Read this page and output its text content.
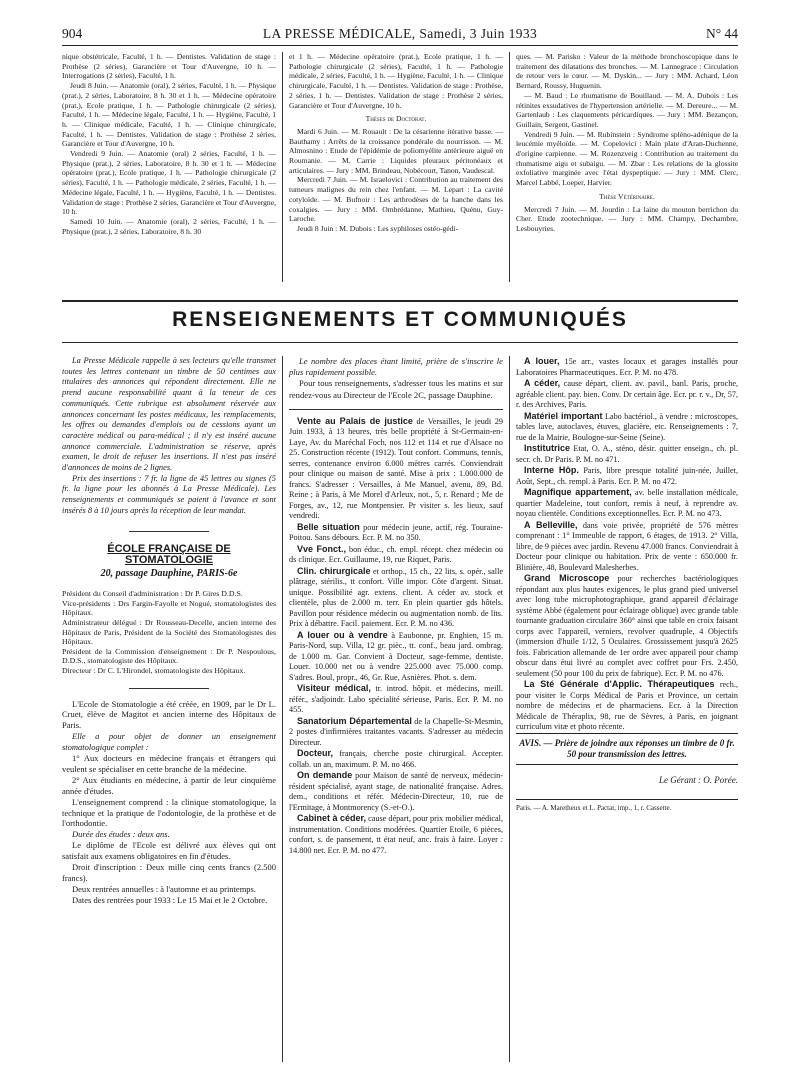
904	LA PRESSE MÉDICALE, Samedi, 3 Juin 1933	N° 44

nique obstétricale, Faculté, 1 h. — Dentistes. Validation de stage : Prothèse (2 séries), Garancière et Tour d'Auvergne, 10 h. — Interrogations (2 séries), Faculté, 1 h.

Jeudi 8 Juin. — Anatomie (oral), 2 séries, Faculté, 1 h. — Physique (prat.), 2 séries, Laboratoire, 8 h. 30 et 1 h. — Médecine opératoire (prat.), Ecole pratique, 1 h. — Pathologie chirurgicale (2 séries), Faculté, 1 h. — Médecine légale, Faculté, 1 h. — Hygiène, Faculté, 1 h. — Clinique médicale, Faculté, 1 h. — Clinique chirurgicale, Faculté, 1 h. — Dentistes. Validation de stage : Prothèse 2 séries, Garancière et Tour d'Auvergne, 10 h.

Vendredi 9 Juin. — Anatomie (oral) 2 séries, Faculté, 1 h. — Physique (prat.), 2 séries, Laboratoire, 8 h. 30 et 1 h. — Médecine opératoire (prat.), Ecole pratique, 1 h. — Pathologie chirurgicale (2 séries), Faculté, 1 h. — Pathologie médicale, 2 séries, Faculté, 1 h. — Médecine légale, Faculté, 1 h. — Hygiène, Faculté, 1 h. — Dentistes. Validation de stage : Prothèse 2 séries, Garancière et Tour d'Auvergne, 10 h.

Samedi 10 Juin. — Anatomie (oral), 2 séries, Faculté, 1 h. — Physique (prat.), 2 séries, Laboratoire, 8 h. 30

et 1 h. — Médecine opératoire (prat.), Ecole pratique, 1 h. — Pathologie chirurgicale (2 séries), Faculté, 1 h. — Pathologie médicale, 2 séries, Faculté, 1 h. — Hygiène, Faculté, 1 h. — Clinique chirurgicale, Faculté, 1 h. — Dentistes. Validation de stage : Prothèse, 2 séries, 1 h. — Dentistes. Validation de stage : Prothèse 2 séries, Garancière et Tour d'Auvergne, 10 h.

Thèses de Doctorat.

Mardi 6 Juin. — M. Rouault : De la césarienne itérative basse. — Bauthamy : Arrêts de la croissance pondérale du nourrisson. — M. Almosnino : Etude de l'épidémie de poliomyélite antérieure aiguë en Roumanie. — M. Carrie : Liquides pleuraux péritonéaux et articulaires. — Jury : MM. Brindeau, Nobécourt, Tanon, Vaudescal.

Mercredi 7 Juin. — M. Israelovici : Contribution au traitement des tumeurs malignes du rein chez l'enfant. — M. Lepart : La cavité cotyloïde. — M. Bufnoir : Les arthrodèses de la hanche dans les coxalgies. — Jury : MM. Ombrédanne, Mathieu, Quénu, Guy-Laroche.

Jeudi 8 Juin : M. Dubois : Les syphiloses ostéo-gédi-

ques. — M. Parisko : Valeur de la méthode bronchoscopique dans le traitement des dilatations des bronches. — M. Lannegrace : Circulation de retour vers le cœur. — M. Dyskin... — Jury : MM. Achard, Léon Bernard, Roussy, Huguenin.

— M. Baud : Le rhumatisme de Bouillaud. — M. A. Dubois : Les rétinites exsudatives de l'hypertension artérielle. — M. Dereure... — M. Gartenlaub : Les claquements péricardiques. — Jury : MM. Bezançon, Guillain, Sergent, Gastinel.

Vendredi 9 Juin. — M. Rubinstein : Syndrome spléno-adénique de la leucémie myéloïde. — M. Copelovici : Main plate d'Aran-Duchenne, d'origine carpienne. — M. Rozenzveig : Contribution au traitement du rhumatisme aigu et subaigu. — M. Zbar : Les relations de la glossite exfoliative marginée avec l'état dyspeptique. — Jury : MM. Clerc, Marcel Labbé, Loeper, Harvier.

Thèse Vétérinaire.

Mercredi 7 Juin. — M. Jourdin : La laine du mouton berrichon du Cher. Etude zootechnique. — Jury : MM. Champy, Dechambre, Lesbouyries.

RENSEIGNEMENTS ET COMMUNIQUÉS

La Presse Médicale rappelle à ses lecteurs qu'elle transmet toutes les lettres contenant un timbre de 50 centimes aux titulaires des annonces qui répondent directement. Elle ne prend aucune responsabilité quant à la teneur de ces communiqués. Cette rubrique est absolument réservée aux annonces concernant les postes médicaux, les remplacements, les offres ou demandes d'emplois ou de cessions ayant un caractère médical ou para-médical ; il n'y est inséré aucune annonce commerciale. L'administration se réserve, après examen, le droit de refuser les insertions. Il n'est pas inséré d'annonces de moins de 2 lignes.

Prix des insertions : 7 fr. la ligne de 45 lettres ou signes (5 fr. la ligne pour les abonnés à La Presse Médicale). Les renseignements et communiqués se paient à l'avance et sont insérés 8 à 10 jours après la réception de leur mandat.

ÉCOLE FRANÇAISE DE STOMATOLOGIE
20, passage Dauphine, PARIS-6e

Président du Conseil d'administration : Dr P. Gires D.D.S.

Vice-présidents : Drs Fargin-Fayolle et Nogué, stomatologistes des Hôpitaux.

Administrateur délégué : Dr Rousseau-Decelle, ancien interne des Hôpitaux de Paris, Président de la Société des Stomatologistes des Hôpitaux.

Président de la Commission d'enseignement : Dr P. Nespoulous, D.D.S., stomatologiste des Hôpitaux.

Directeur : Dr C. L'Hirondel, stomatologiste des Hôpitaux.

L'Ecole de Stomatologie a été créée, en 1909, par le Dr L. Cruet, élève de Magitot et ancien interne des Hôpitaux de Paris.

Elle a pour objet de donner un enseignement stomatologique complet :

1° Aux docteurs en médecine français et étrangers qui veulent se spécialiser en cette branche de la médecine.

2° Aux étudiants en médecine, à partir de leur cinquième année d'études.

L'enseignement comprend : la clinique stomatologique, la technique et la pratique de l'odontologie, de la prothèse et de l'orthodontie.

Durée des études : deux ans.

Le diplôme de l'Ecole est délivré aux élèves qui ont satisfait aux examens obligatoires en fin d'études.

Droit d'inscription : Deux mille cinq cents francs (2.500 francs).

Deux rentrées annuelles : à l'automne et au printemps.

Dates des rentrées pour 1933 : Le 15 Mai et le 2 Octobre.

Le nombre des places étant limité, prière de s'inscrire le plus rapidement possible.

Pour tous renseignements, s'adresser tous les matins et sur rendez-vous au Directeur de l'Ecole 2C, passage Dauphine.

Vente au Palais de justice de Versailles, le jeudi 29 Juin 1933, à 13 heures, très belle propriété à St-Germain-en-Laye, Av. du Maréchal Foch, nos 112 et 114 et rue d'Alsace no 25. Construction récente (1912). Tout confort. Communs, tennis, serres, contenance environ 6.000 mètres carrés. Conviendrait pour clinique ou maison de santé. Mise à prix : 1.000.000 de francs. S'adresser : Versailles, à Me Manuel, avenu, 89, Bd. Reine ; à Paris, à Me Morel d'Arleux, not., 5, r. Renard ; Me de Forges, av., 12, rue Montpensier. Pr visiter s. les lieux, sauf vendredi.

Belle situation pour médecin jeune, actif, rég. Touraine-Poitou. Sans débours. Ecr. P. M. no 350.

Vve Fonct., bon éduc., ch. empl. récept. chez médecin ou ds clinique. Ecr. Guillaume, 19, rue Riquet, Paris.

Clin. chirurgicale et orthop., 15 ch., 22 lits, s. opér., salle plâtrage, stérilis., tt confort. Ville impor. Côte d'argent. Situat. unique. Possibilité agr. extens. client. A céder av. stock et clientèle, plus de 2.000 m. terr. En plein quartier gds hôtels. Pavillon pour résidence médecin ou augmentation nomb. de lits. Prix à débattre. Facil. paiement. Ecr. P. M. no 436.

A louer ou à vendre à Eaubonne, pr. Enghien, 15 m. Paris-Nord, sup. Villa, 12 gr. pièc., tt. conf., beau jard. ombrag. de 1.000 m. Gar. Convient à Docteur, sage-femme, dentiste. Louer. 10.000 net ou à vendre 225.000 avec 75.000 comp. S'adres. Boul, propr., 46, Gr. Rue, Asnières. Phot. s. dem.

Visiteur médical, tr. introd. hôpit. et médecins, meill. référ., s'adjoindr. Labo spécialité sérieuse, Paris. Ecr. P. M. no 455.

Sanatorium Départemental de la Chapelle-St-Mesmin, 2 postes d'infirmières traitantes vacants. S'adresser au médecin Directeur.

Docteur, français, cherche poste chirurgical. Accepter. collab. un an, maximum. P. M. no 466.

On demande pour Maison de santé de nerveux, médecin-résident spécialisé, ayant stage, de nationalité française. Adres. dem., conditions et référ. Médecin-Directeur, 10, rue de l'Ermitage, à Montmorency (S.-et-O.).

Cabinet à céder, cause départ, pour prix mobilier médical, instrumentation. Conditions modérées. Quartier Etoile, 6 pièces, confort, s. de pansement, tt état neuf, anc. frais à faire. Loyer : 14.800 net. Ecr. P. M. no 477.

A louer, 15e arr., vastes locaux et garages installés pour Laboratoires Pharmaceutiques. Ecr. P. M. no 478.

A céder, cause départ, client. av. pavil., banl. Paris, proche, agréable client. pay. bien. Conv. Dr certain âge. Ecr. pr. r. v., Dr, 57, r. des Archives, Paris.

Matériel important Labo bactériol., à vendre : microscopes, tables lave, autoclaves, étuves, glacière, etc. Renseignements : 7, rue de la Mairie, Boulogne-sur-Seine (Seine).

Institutrice Etat, O. A., sténo, désir. quitter enseign., ch. pl. secr. ch. Dr Paris. P. M. no 471.

Interne Hôp. Paris, libre presque totalité juin-née, Juillet, Août, Sept., ch. rempl. à Paris. Ecr. P. M. no 472.

Magnifique appartement, av. belle installation médicale, quartier Madeleine, tout confort, remis à neuf, à reprendre av. noyau clientèle. Conditions exceptionnelles. Ecr. P. M. no 473.

A Belleville, dans voie privée, propriété de 576 mètres comprenant : 1° Immeuble de rapport, 6 étages, de 1913. 2° Villa, libre, de 9 pièces avec jardin. Revenu 47.000 francs. Conviendrait à Docteur pour clinique ou habitation. Prix de vente : 650.000 fr. Blinière, 48, Boulevard Malesherbes.

Grand Microscope pour recherches bactériologiques répondant aux plus hautes exigences, le plus grand pied universel avec long tube microphotographique, grand appareil d'éclairage système Abbé (également pour éclairage oblique) avec grande table tournante graduation circulaire 360° ainsi que table en croix faisant corps avec l'appareil, verniers, revolver quadruple, 4 Objectifs (immersion d'huile 1/12, 5 Oculaires. Grossissement jusqu'à 2625 fois. Fabrication allemande de 1er ordre avec appareil pour champ obscur dans étui livré au complet avec coffret pour Frs. 2.450, seulement (50 pour 100 du prix de fabrique). Ecr. P. M. no 476.

La Sté Générale d'Applic. Thérapeutiques rech., pour visiter le Corps Médical de Paris et Province, un certain nombre de médecins et de pharmaciens. Ecr. à la Direction Médicale de Théraplix, 98, rue de Sèvres, à Paris, en joignant curriculum vitæ et photo récente.

AVIS. — Prière de joindre aux réponses un timbre de 0 fr. 50 pour transmission des lettres.
Le Gérant : O. Porée.
Paris. — A. Maretheux et L. Pactat, imp., 1, r. Cassette.
